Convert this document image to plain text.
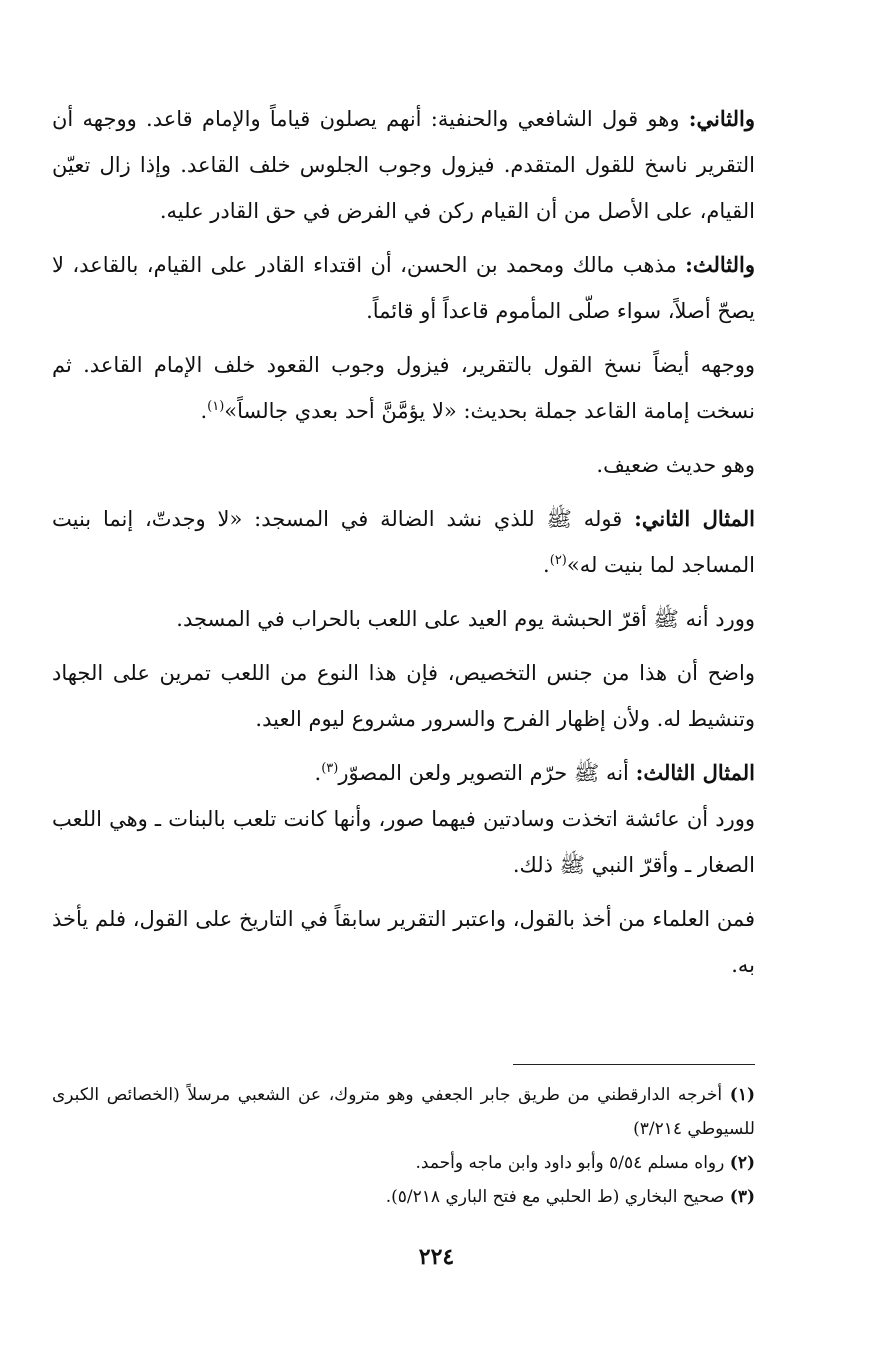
والثاني: وهو قول الشافعي والحنفية: أنهم يصلون قياماً والإمام قاعد. ووجهه أن التقرير ناسخ للقول المتقدم. فيزول وجوب الجلوس خلف القاعد. وإذا زال تعيّن القيام، على الأصل من أن القيام ركن في الفرض في حق القادر عليه.

والثالث: مذهب مالك ومحمد بن الحسن، أن اقتداء القادر على القيام، بالقاعد، لا يصحّ أصلاً، سواء صلّى المأموم قاعداً أو قائماً.

ووجهه أيضاً نسخ القول بالتقرير، فيزول وجوب القعود خلف الإمام القاعد. ثم نسخت إمامة القاعد جملة بحديث: «لا يؤمَّنَّ أحد بعدي جالساً»$^{(١)}$.

وهو حديث ضعيف.

المثال الثاني: قوله ﷺ للذي نشد الضالة في المسجد: «لا وجدتّ، إنما بنيت المساجد لما بنيت له»$^{(٢)}$.

وورد أنه ﷺ أقرّ الحبشة يوم العيد على اللعب بالحراب في المسجد.

واضح أن هذا من جنس التخصيص، فإن هذا النوع من اللعب تمرين على الجهاد وتنشيط له. ولأن إظهار الفرح والسرور مشروع ليوم العيد.

المثال الثالث: أنه ﷺ حرّم التصوير ولعن المصوّر$^{(٣)}$.

وورد أن عائشة اتخذت وسادتين فيهما صور، وأنها كانت تلعب بالبنات ـ وهي اللعب الصغار ـ وأقرّ النبي ﷺ ذلك.

فمن العلماء من أخذ بالقول، واعتبر التقرير سابقاً في التاريخ على القول، فلم يأخذ به.

(١) أخرجه الدارقطني من طريق جابر الجعفي وهو متروك، عن الشعبي مرسلاً (الخصائص الكبرى للسيوطي ٣/٢١٤)

(٢) رواه مسلم ٥/٥٤ وأبو داود وابن ماجه وأحمد.

(٣) صحيح البخاري (ط الحلبي مع فتح الباري ٥/٢١٨).

٢٢٤
